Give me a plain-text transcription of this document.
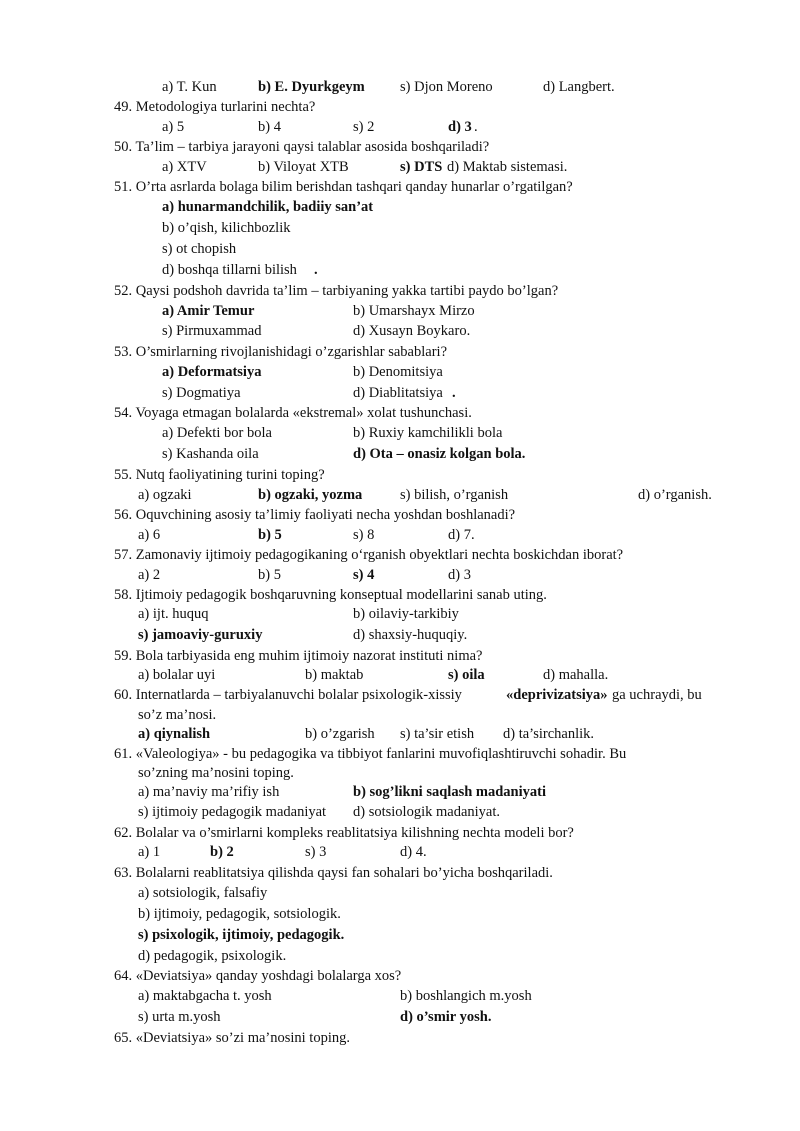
a) T. Kun	b) E. Dyurkgeym s) Djon Moreno	d) Langbert.
49. Metodologiya turlarini nechta?
a) 5	b) 4	s) 2	d) 3 .
50. Ta’lim – tarbiya jarayoni qaysi talablar asosida boshqariladi?
a) XTV	b) Viloyat XTB	s) DTS d) Maktab sistemasi.
51. O’rta asrlarda bolaga bilim berishdan tashqari qanday hunarlar o’rgatilgan?
a) hunarmandchilik, badiiy san’at
b) o’qish, kilichbozlik
s) ot chopish
d) boshqa tillarni bilish .
52. Qaysi podshoh davrida ta’lim – tarbiyaning yakka tartibi paydo bo’lgan?
a) Amir Temur	b) Umarshayx Mirzo
s) Pirmuxammad	d) Xusayn Boykaro.
53. O’smirlarning rivojlanishidagi o’zgarishlar sabablari?
a) Deformatsiya	b) Denomitsiya
s) Dogmatiya	d) Diablitatsiya .
54. Voyaga etmagan bolalarda «ekstremal» xolat tushunchasi.
a) Defekti bor bola	b) Ruxiy kamchilikli bola
s) Kashanda oila	d) Ota – onasiz kolgan bola.
55. Nutq faoliyatining turini toping?
a) ogzaki	b) ogzaki, yozma	s) bilish, o’rganish	d) o’rganish.
56. Oquvchining asosiy ta’limiy faoliyati necha yoshdan boshlanadi?
a) 6	b) 5	s) 8	d) 7.
57. Zamonaviy ijtimoiy pedagogikaning o‘rganish obyektlari nechta boskichdan iborat?
a) 2	b) 5	s) 4	d) 3
58. Ijtimoiy pedagogik boshqaruvning konseptual modellarini sanab uting.
a) ijt. huquq	b) oilaviy-tarkibiy
s) jamoaviy-guruxiy	d) shaxsiy-huquqiy.
59. Bola tarbiyasida eng muhim ijtimoiy nazorat instituti nima?
a) bolalar uyi	b) maktab	s) oila	d) mahalla.
60. Internatlarda – tarbiyalanuvchi bolalar psixologik-xissiy	«deprivizatsiya» ga uchraydi, bu
so’z ma’nosi.
a) qiynalish	b) o’zgarish s) ta’sir etish d) ta’sirchanlik.
61. «Valeologiya» - bu pedagogika va tibbiyot fanlarini muvofiqlashtiruvchi sohadir. Bu
so’zning ma’nosini toping.
a) ma’naviy ma’rifiy ish	b) sog’likni saqlash madaniyati
s) ijtimoiy pedagogik madaniyat d) sotsiologik madaniyat.
62. Bolalar va o’smirlarni kompleks reablitatsiya kilishning nechta modeli bor?
a) 1	b) 2	s) 3	d) 4.
63. Bolalarni reablitatsiya qilishda qaysi fan sohalari bo’yicha boshqariladi.
a) sotsiologik, falsafiy
b) ijtimoiy, pedagogik, sotsiologik.
s) psixologik, ijtimoiy, pedagogik.
d) pedagogik, psixologik.
64. «Deviatsiya» qanday yoshdagi bolalarga xos?
a) maktabgacha t. yosh	b) boshlangich m.yosh
s) urta m.yosh	d) o’smir yosh.
65. «Deviatsiya» so’zi ma’nosini toping.
